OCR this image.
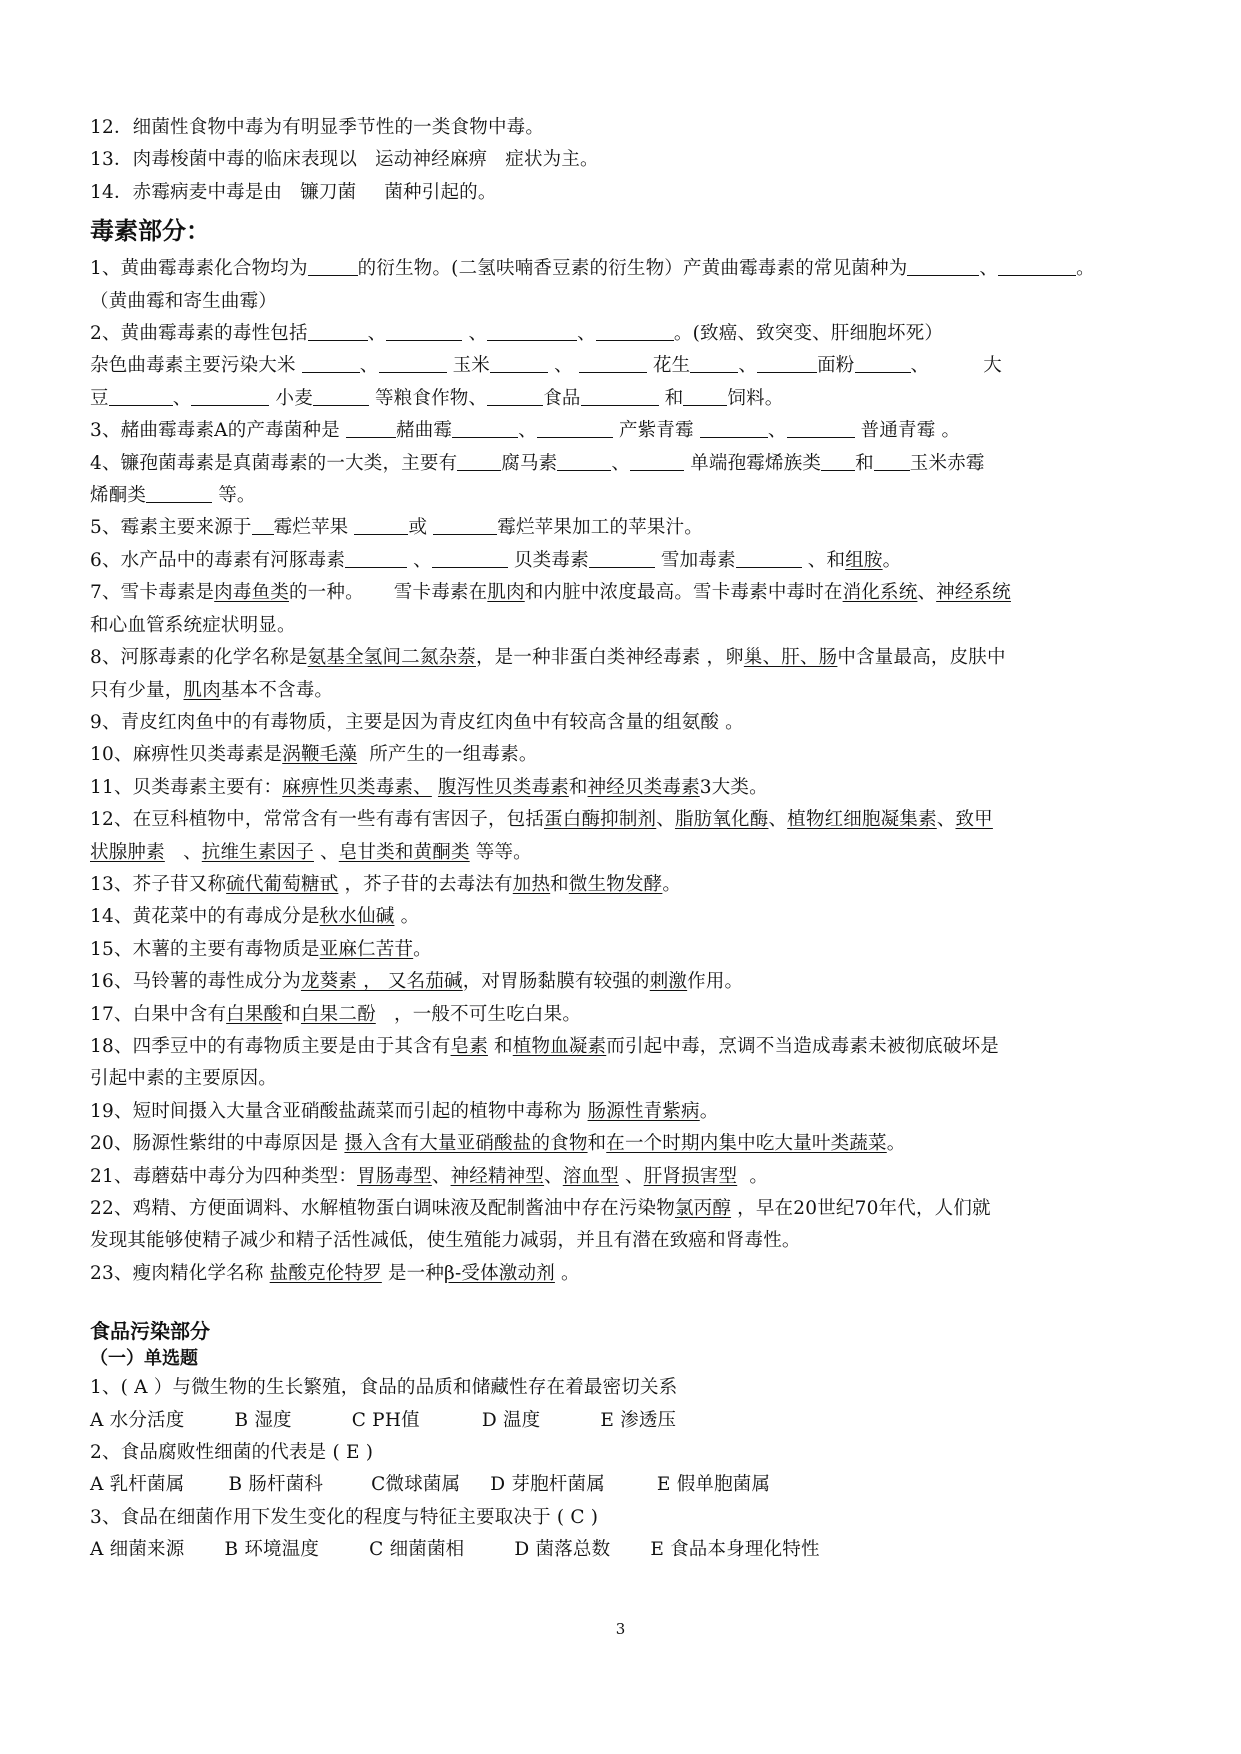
12．细菌性食物中毒为有明显季节性的一类食物中毒。
13．肉毒梭菌中毒的临床表现以 运动神经麻痹 症状为主。
14．赤霉病麦中毒是由 镰刀菌 菌种引起的。
毒素部分：
1、黄曲霉毒素化合物均为	的衍生物。(二氢呋喃香豆素的衍生物）产黄曲霉毒素的常见菌种为	、	。
（黄曲霉和寄生曲霉）
2、黄曲霉毒素的毒性包括	、	、	、	。(致癌、致突变、肝细胞坏死）
杂色曲毒素主要污染大米	、	玉米	、	花生	、	面粉	、	大
豆	、	小麦	等粮食作物、	食品	和 饲料。
3、赭曲霉毒素A的产毒菌种是	赭曲霉	、	产紫青霉	、	普通青霉 。
4、镰孢菌毒素是真菌毒素的一大类，主要有 腐马素	、	单端孢霉烯族类 和 玉米赤霉
烯酮类	等。
5、霉素主要来源于 霉烂苹果	或	霉烂苹果加工的苹果汁。
6、水产品中的毒素有河豚毒素	、	贝类毒素	雪加毒素	、和组胺。
7、雪卡毒素是肉毒鱼类的一种。 雪卡毒素在肌肉和内脏中浓度最高。雪卡毒素中毒时在消化系统、神经系统
和心血管系统症状明显。
8、河豚毒素的化学名称是氨基全氢间二氮杂萘，是一种非蛋白类神经毒素 ，卵巢、肝、肠中含量最高，皮肤中
只有少量，肌肉基本不含毒。
9、青皮红肉鱼中的有毒物质，主要是因为青皮红肉鱼中有较高含量的组氨酸 。
10、麻痹性贝类毒素是涡鞭毛藻 所产生的一组毒素。
11、贝类毒素主要有：麻痹性贝类毒素、 腹泻性贝类毒素和神经贝类毒素3大类。
12、在豆科植物中，常常含有一些有毒有害因子，包括蛋白酶抑制剂、脂肪氧化酶、植物红细胞凝集素、致甲
状腺肿素 、抗维生素因子 、皂甘类和黄酮类 等等。
13、芥子苷又称硫代葡萄糖甙 ，芥子苷的去毒法有加热和微生物发酵。
14、黄花菜中的有毒成分是秋水仙碱 。
15、木薯的主要有毒物质是亚麻仁苦苷。
16、马铃薯的毒性成分为龙葵素 ， 又名茄碱，对胃肠黏膜有较强的刺激作用。
17、白果中含有白果酸和白果二酚 ，一般不可生吃白果。
18、四季豆中的有毒物质主要是由于其含有皂素 和植物血凝素而引起中毒，烹调不当造成毒素未被彻底破坏是
引起中素的主要原因。
19、短时间摄入大量含亚硝酸盐蔬菜而引起的植物中毒称为 肠源性青紫病。
20、肠源性紫绀的中毒原因是 摄入含有大量亚硝酸盐的食物和在一个时期内集中吃大量叶类蔬菜。
21、毒蘑菇中毒分为四种类型：胃肠毒型、神经精神型、溶血型 、肝肾损害型 。
22、鸡精、方便面调料、水解植物蛋白调味液及配制酱油中存在污染物氯丙醇 ，早在20世纪70年代，人们就
发现其能够使精子减少和精子活性减低，使生殖能力减弱，并且有潜在致癌和肾毒性。
23、瘦肉精化学名称 盐酸克伦特罗 是一种β-受体激动剂 。
食品污染部分
（一）单选题
1、( A ）与微生物的生长繁殖，食品的品质和储藏性存在着最密切关系
A 水分活度	B 湿度	C PH值	D 温度	E 渗透压
2、食品腐败性细菌的代表是 ( E )
A 乳杆菌属 B 肠杆菌科	C微球菌属 D 芽胞杆菌属	E 假单胞菌属
3、食品在细菌作用下发生变化的程度与特征主要取决于 ( C )
A 细菌来源 B 环境温度	C 细菌菌相	D 菌落总数 E 食品本身理化特性
3
